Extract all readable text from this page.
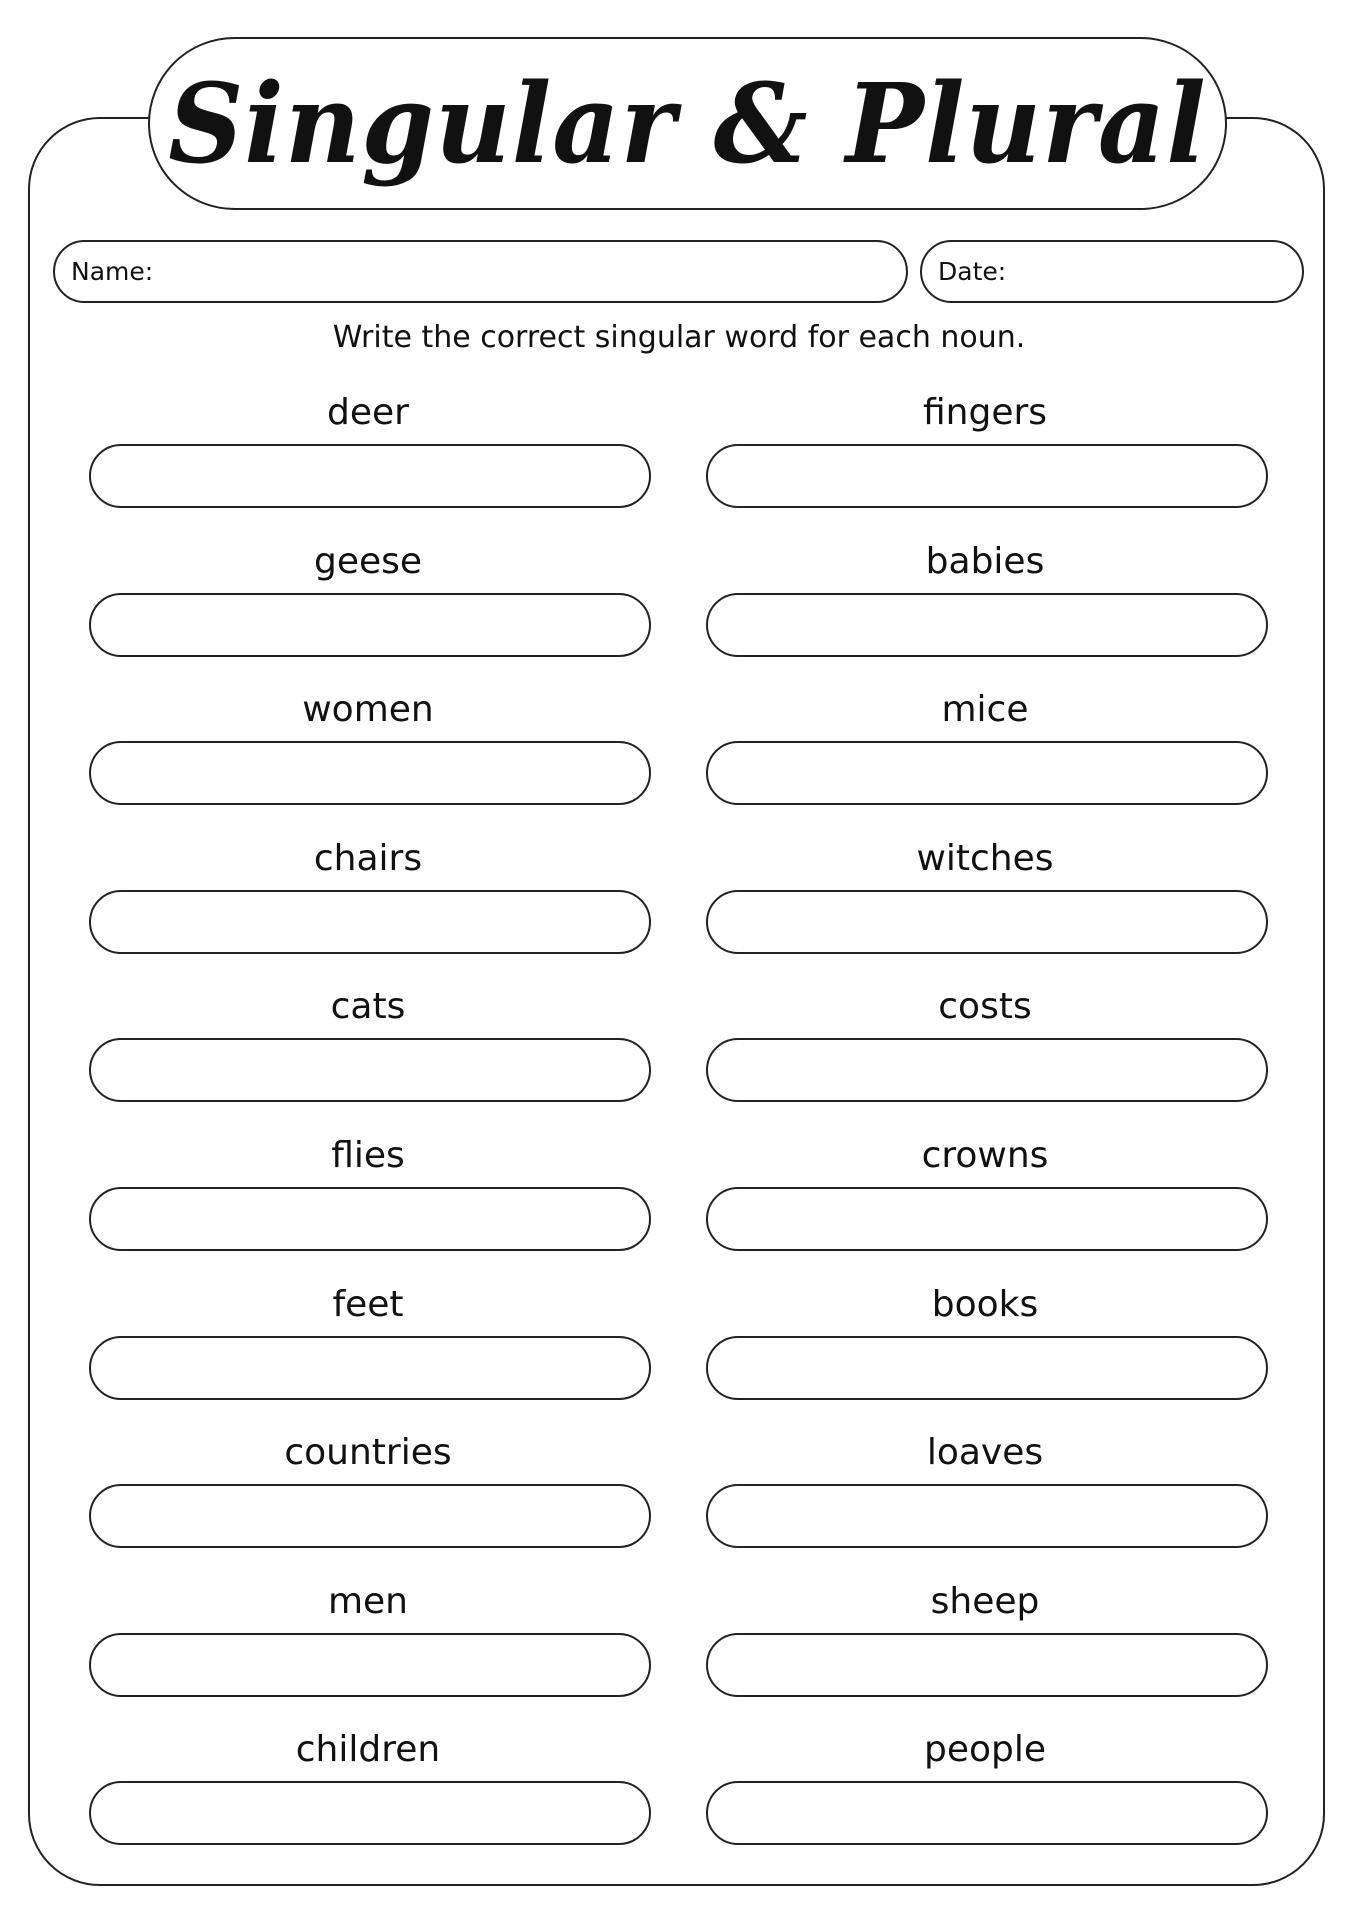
Singular & Plural
Name:	Date:
Write the correct singular word for each noun.
deer	fingers
geese	babies
women	mice
chairs	witches
cats	costs
flies	crowns
feet	books
countries	loaves
men	sheep
children	people
